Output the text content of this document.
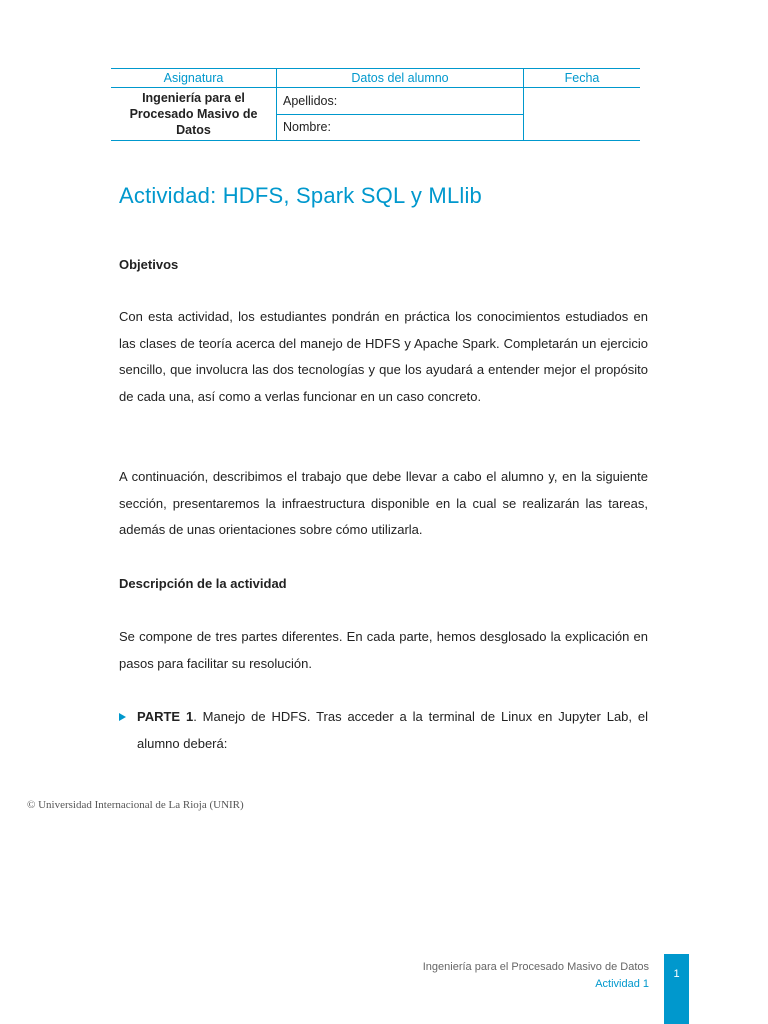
Asignatura	Datos del alumno	Fecha
Ingeniería para el Procesado Masivo de Datos	Apellidos:	
	Nombre:	
Actividad: HDFS, Spark SQL y MLlib

Objetivos

Con esta actividad, los estudiantes pondrán en práctica los conocimientos estudiados en las clases de teoría acerca del manejo de HDFS y Apache Spark. Completarán un ejercicio sencillo, que involucra las dos tecnologías y que los ayudará a entender mejor el propósito de cada una, así como a verlas funcionar en un caso concreto.

A continuación, describimos el trabajo que debe llevar a cabo el alumno y, en la siguiente sección, presentaremos la infraestructura disponible en la cual se realizarán las tareas, además de unas orientaciones sobre cómo utilizarla.

Descripción de la actividad

Se compone de tres partes diferentes. En cada parte, hemos desglosado la explicación en pasos para facilitar su resolución.

PARTE 1. Manejo de HDFS. Tras acceder a la terminal de Linux en Jupyter Lab, el alumno deberá:

© Universidad Internacional de La Rioja (UNIR)

Ingeniería para el Procesado Masivo de Datos

Actividad 1

1
